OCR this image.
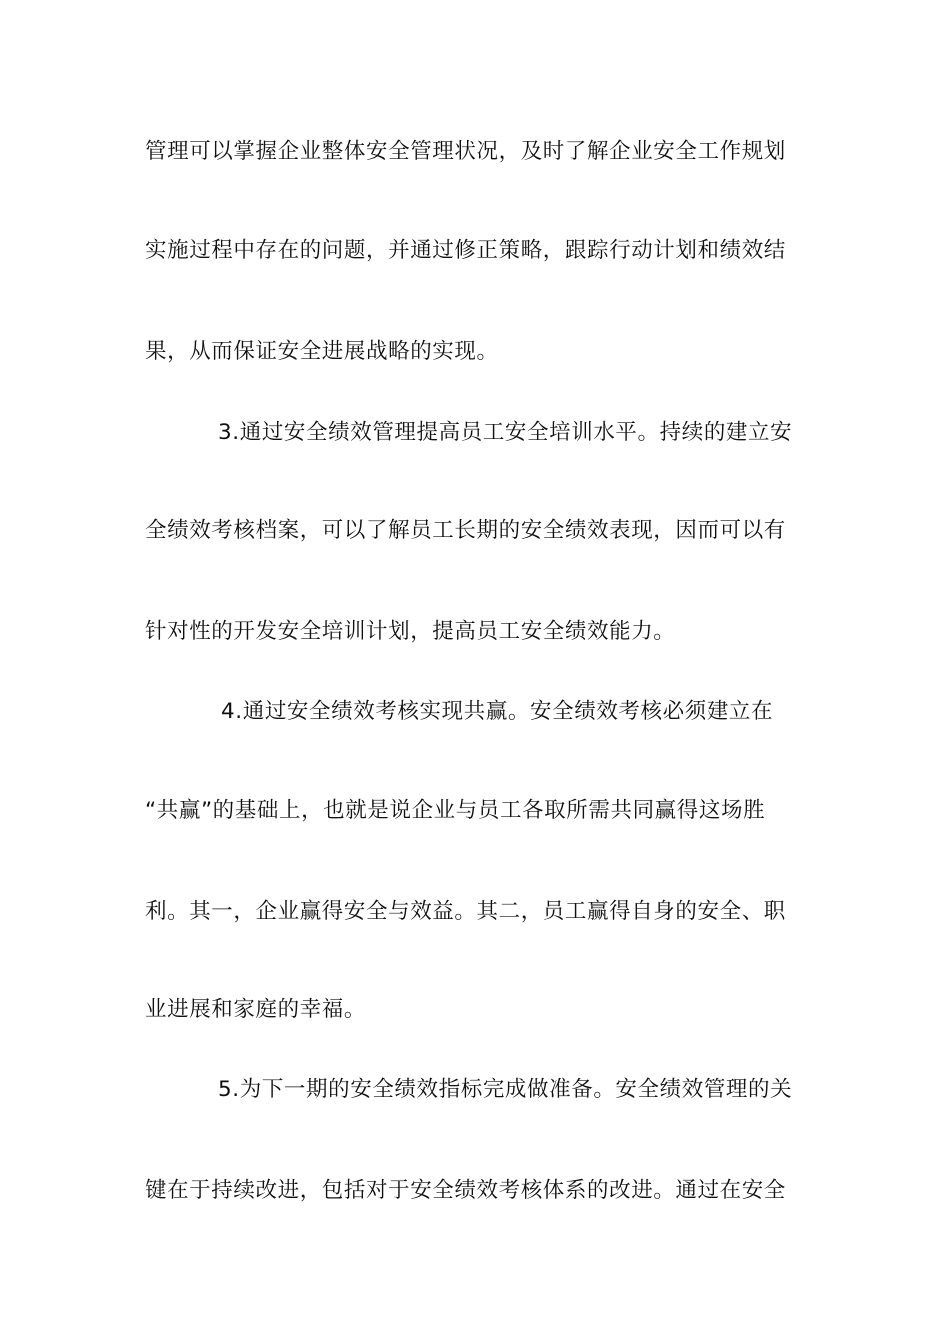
管理可以掌握企业整体安全管理状况，及时了解企业安全工作规划
实施过程中存在的问题，并通过修正策略，跟踪行动计划和绩效结
果，从而保证安全进展战略的实现。
3.通过安全绩效管理提高员工安全培训水平。持续的建立安
全绩效考核档案，可以了解员工长期的安全绩效表现，因而可以有
针对性的开发安全培训计划，提高员工安全绩效能力。
4.通过安全绩效考核实现共赢。安全绩效考核必须建立在
“共赢”的基础上，也就是说企业与员工各取所需共同赢得这场胜
利。其一，企业赢得安全与效益。其二，员工赢得自身的安全、职
业进展和家庭的幸福。
5.为下一期的安全绩效指标完成做准备。安全绩效管理的关
键在于持续改进，包括对于安全绩效考核体系的改进。通过在安全
